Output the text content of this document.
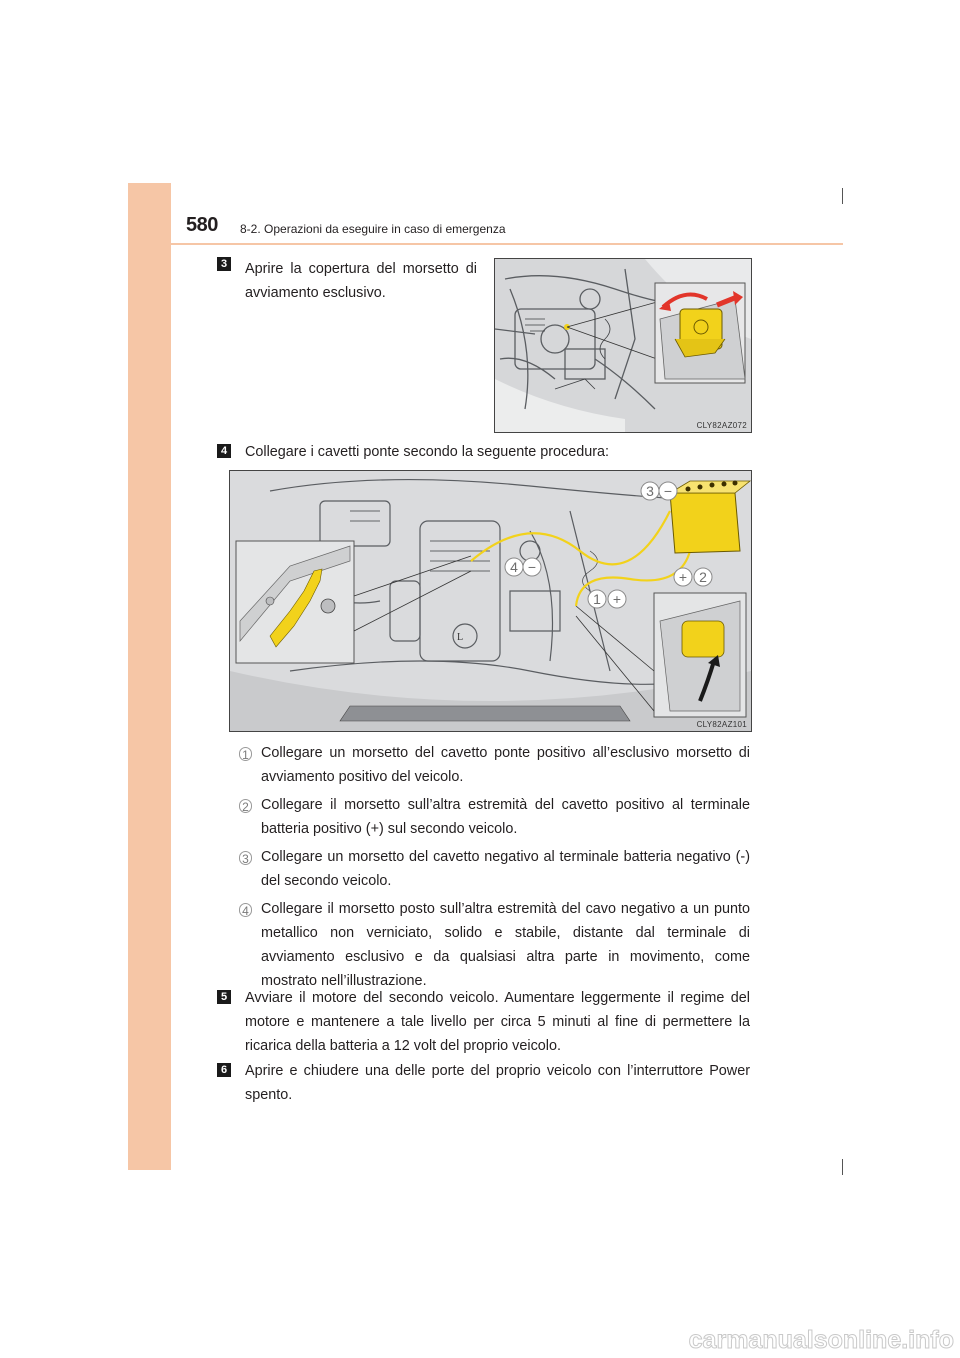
580 8-2. Operazioni da eseguire in caso di emergenza
3 Aprire la copertura del morsetto di avviamento esclusivo.
CLY82AZ072
4 Collegare i cavetti ponte secondo la seguente procedura:
L
3 −
4 −
+ 2
1 +
CLY82AZ101
1 Collegare un morsetto del cavetto ponte positivo all’esclusivo morsetto di avviamento positivo del veicolo.
2 Collegare il morsetto sull’altra estremità del cavetto positivo al terminale batteria positivo (+) sul secondo veicolo.
3 Collegare un morsetto del cavetto negativo al terminale batteria negativo (-) del secondo veicolo.
4 Collegare il morsetto posto sull’altra estremità del cavo negativo a un punto metallico non verniciato, solido e stabile, distante dal terminale di avviamento esclusivo e da qualsiasi altra parte in movimento, come mostrato nell’illustrazione.
5 Avviare il motore del secondo veicolo. Aumentare leggermente il regime del motore e mantenere a tale livello per circa 5 minuti al fine di permettere la ricarica della batteria a 12 volt del proprio veicolo.
6 Aprire e chiudere una delle porte del proprio veicolo con l’interruttore Power spento.
carmanualsonline.info
